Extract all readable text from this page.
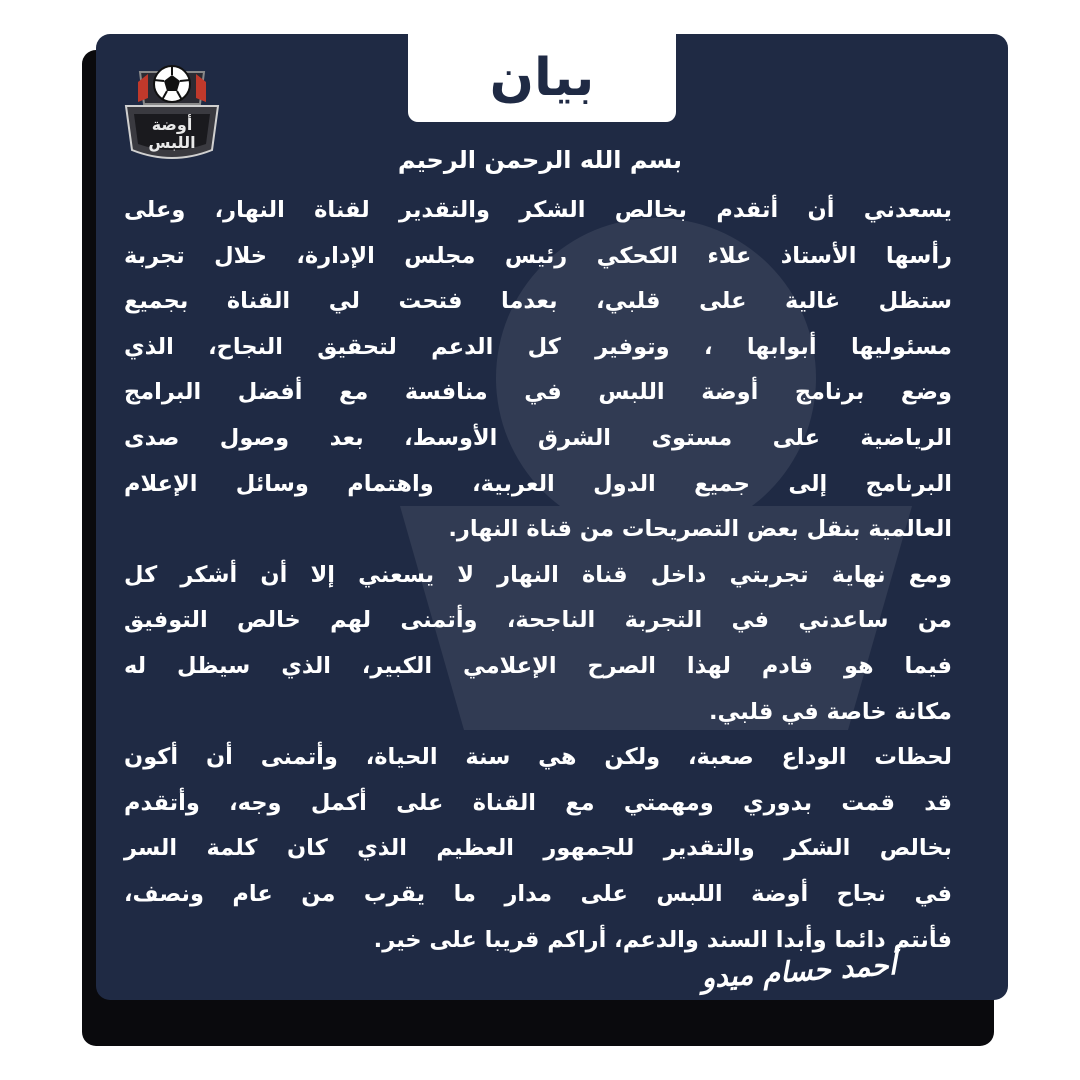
بيان
أوضة
اللبس
بسم الله الرحمن الرحيم
يسعدني أن أتقدم بخالص الشكر والتقدير لقناة النهار، وعلى
رأسها الأستاذ علاء الكحكي رئيس مجلس الإدارة، خلال تجربة
ستظل غالية على قلبي، بعدما فتحت لي القناة بجميع
مسئوليها أبوابها ، وتوفير كل الدعم لتحقيق النجاح، الذي
وضع برنامج أوضة اللبس في منافسة مع أفضل البرامج
الرياضية على مستوى الشرق الأوسط، بعد وصول صدى
البرنامج إلى جميع الدول العربية، واهتمام وسائل الإعلام
العالمية بنقل بعض التصريحات من قناة النهار.
ومع نهاية تجربتي داخل قناة النهار لا يسعني إلا أن أشكر كل
من ساعدني في التجربة الناجحة، وأتمنى لهم خالص التوفيق
فيما هو قادم لهذا الصرح الإعلامي الكبير، الذي سيظل له
مكانة خاصة في قلبي.
لحظات الوداع صعبة، ولكن هي سنة الحياة، وأتمنى أن أكون
قد قمت بدوري ومهمتي مع القناة على أكمل وجه، وأتقدم
بخالص الشكر والتقدير للجمهور العظيم الذي كان كلمة السر
في نجاح أوضة اللبس على مدار ما يقرب من عام ونصف،
فأنتم دائما وأبدا السند والدعم، أراكم قريبا على خير.
أحمد حسام ميدو
